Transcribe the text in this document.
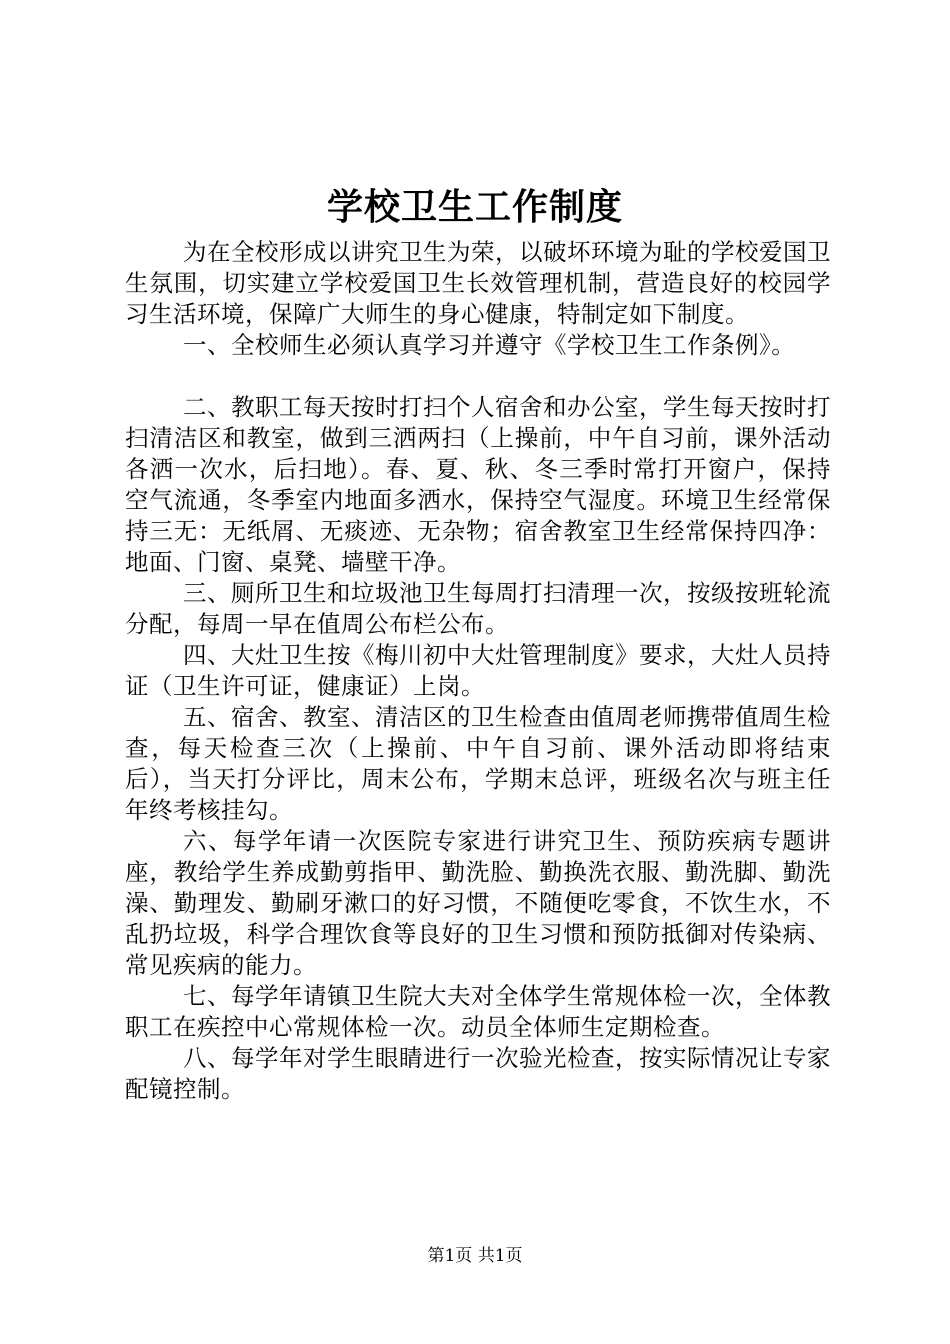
学校卫生工作制度

为在全校形成以讲究卫生为荣，以破坏环境为耻的学校爱国卫生氛围，切实建立学校爱国卫生长效管理机制，营造良好的校园学习生活环境，保障广大师生的身心健康，特制定如下制度。

一、全校师生必须认真学习并遵守《学校卫生工作条例》。

二、教职工每天按时打扫个人宿舍和办公室，学生每天按时打扫清洁区和教室，做到三洒两扫（上操前，中午自习前，课外活动各洒一次水，后扫地）。春、夏、秋、冬三季时常打开窗户，保持空气流通，冬季室内地面多洒水，保持空气湿度。环境卫生经常保持三无：无纸屑、无痰迹、无杂物；宿舍教室卫生经常保持四净：地面、门窗、桌凳、墙壁干净。

三、厕所卫生和垃圾池卫生每周打扫清理一次，按级按班轮流分配，每周一早在值周公布栏公布。

四、大灶卫生按《梅川初中大灶管理制度》要求，大灶人员持证（卫生许可证，健康证）上岗。

五、宿舍、教室、清洁区的卫生检查由值周老师携带值周生检查，每天检查三次（上操前、中午自习前、课外活动即将结束后），当天打分评比，周末公布，学期末总评，班级名次与班主任年终考核挂勾。

六、每学年请一次医院专家进行讲究卫生、预防疾病专题讲座，教给学生养成勤剪指甲、勤洗脸、勤换洗衣服、勤洗脚、勤洗澡、勤理发、勤刷牙漱口的好习惯，不随便吃零食，不饮生水，不乱扔垃圾，科学合理饮食等良好的卫生习惯和预防抵御对传染病、常见疾病的能力。

七、每学年请镇卫生院大夫对全体学生常规体检一次，全体教职工在疾控中心常规体检一次。动员全体师生定期检查。

八、每学年对学生眼睛进行一次验光检查，按实际情况让专家配镜控制。

第1页 共1页
